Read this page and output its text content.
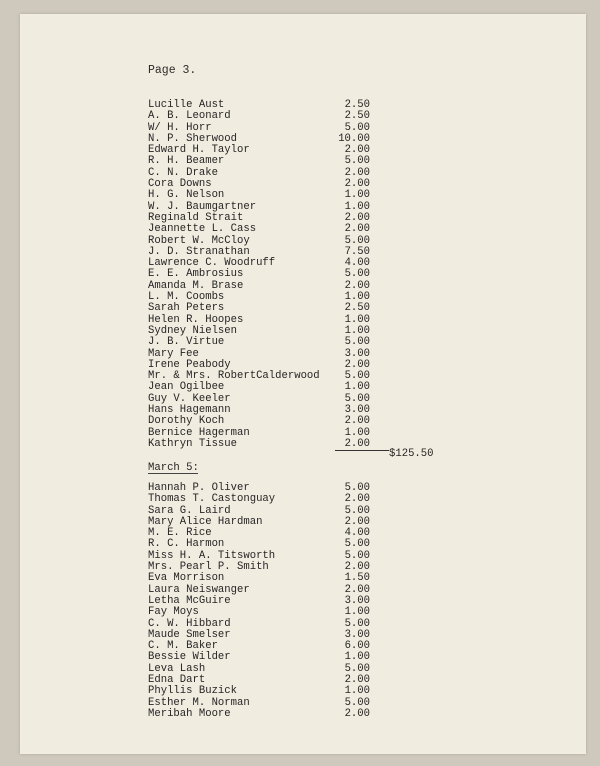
Page 3.
Lucille Aust	2.50
A. B. Leonard	2.50
W/ H. Horr	5.00
N. P. Sherwood	10.00
Edward H. Taylor	2.00
R. H. Beamer	5.00
C. N. Drake	2.00
Cora Downs	2.00
H. G. Nelson	1.00
W. J. Baumgartner	1.00
Reginald Strait	2.00
Jeannette L. Cass	2.00
Robert W. McCloy	5.00
J. D. Stranathan	7.50
Lawrence C. Woodruff	4.00
E. E. Ambrosius	5.00
Amanda M. Brase	2.00
L. M. Coombs	1.00
Sarah Peters	2.50
Helen R. Hoopes	1.00
Sydney Nielsen	1.00
J. B. Virtue	5.00
Mary Fee	3.00
Irene Peabody	2.00
Mr. & Mrs. RobertCalderwood 5.00
Jean Ogilbee	1.00
Guy V. Keeler	5.00
Hans Hagemann	3.00
Dorothy Koch	2.00
Bernice Hagerman	1.00
Kathryn Tissue	2.00
$125.50
March 5:
Hannah P. Oliver	5.00
Thomas T. Castonguay	2.00
Sara G. Laird	5.00
Mary Alice Hardman	2.00
M. E. Rice	4.00
R. C. Harmon	5.00
Miss H. A. Titsworth	5.00
Mrs. Pearl P. Smith	2.00
Eva Morrison	1.50
Laura Neiswanger	2.00
Letha McGuire	3.00
Fay Moys	1.00
C. W. Hibbard	5.00
Maude Smelser	3.00
C. M. Baker	6.00
Bessie Wilder	1.00
Leva Lash	5.00
Edna Dart	2.00
Phyllis Buzick	1.00
Esther M. Norman	5.00
Meribah Moore	2.00
